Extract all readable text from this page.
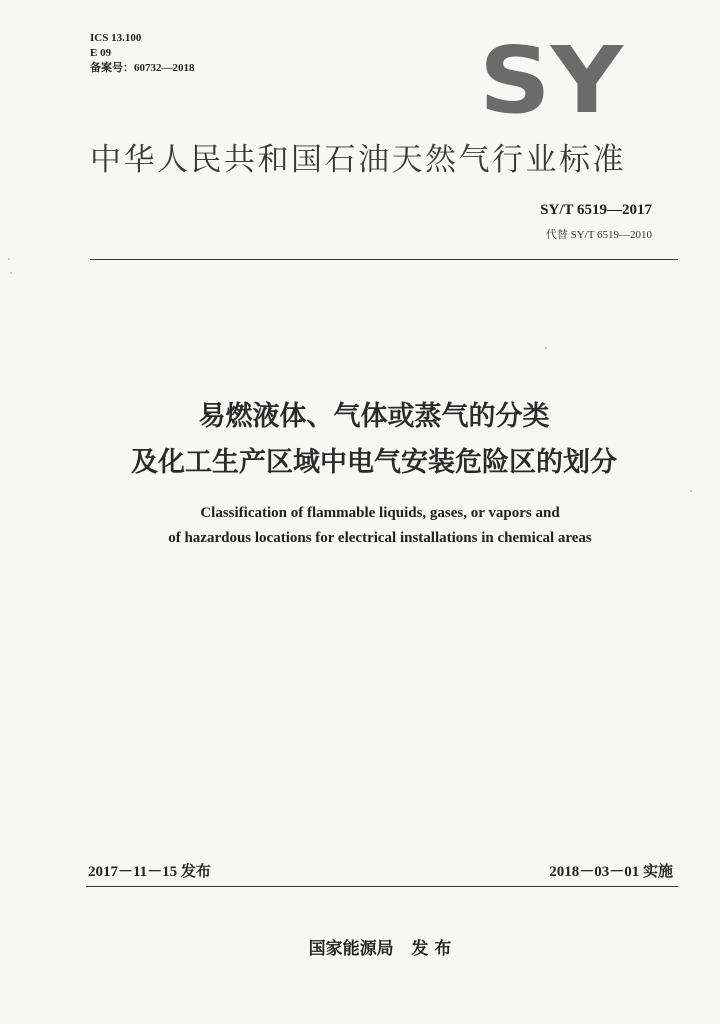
ICS 13.100
E 09
备案号：60732—2018	SY
中华人民共和国石油天然气行业标准
SY/T 6519—2017
代替 SY/T 6519—2010
易燃液体、气体或蒸气的分类
及化工生产区域中电气安装危险区的划分
Classification of flammable liquids, gases, or vapors and
of hazardous locations for electrical installations in chemical areas
2017－11－15 发布	2018－03－01 实施
国家能源局   发 布
